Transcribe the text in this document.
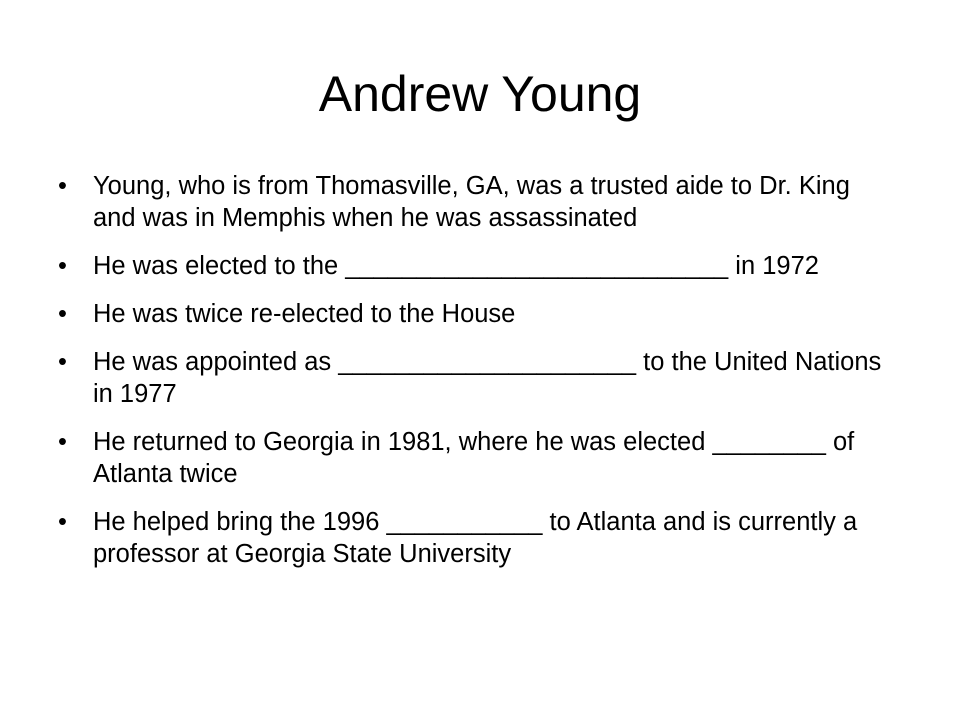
Andrew Young
•	Young, who is from Thomasville, GA, was a trusted aide to Dr. King and was in Memphis when he was assassinated
•	He was elected to the ___________________________ in 1972
•	He was twice re-elected to the House
•	He was appointed as _____________________ to the United Nations in 1977
•	He returned to Georgia in 1981, where he was elected ________ of Atlanta twice
•	He helped bring the 1996 ___________ to Atlanta and is currently a professor at Georgia State University
